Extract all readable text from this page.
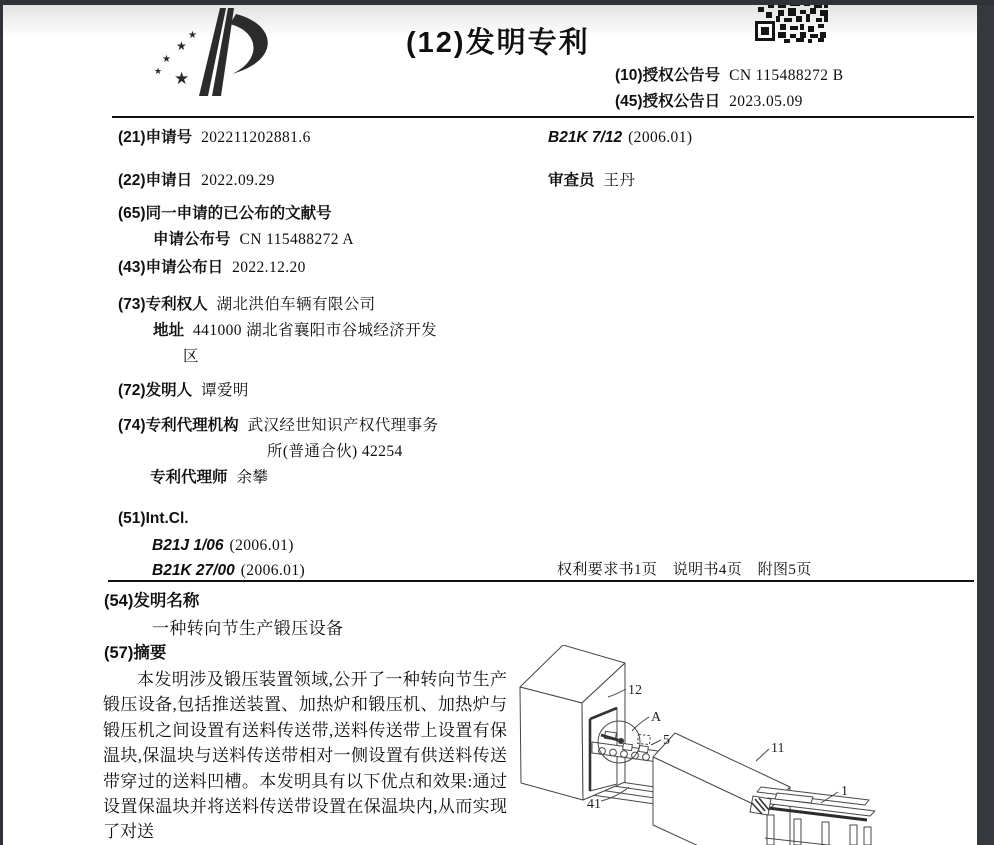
★
★
★
★ ★
(12)发明专利
(10)授权公告号 CN 115488272 B
(45)授权公告日 2023.05.09
(21)申请号 202211202881.6
(22)申请日 2022.09.29
(65)同一申请的已公布的文献号
申请公布号 CN 115488272 A
(43)申请公布日 2022.12.20
(73)专利权人 湖北洪伯车辆有限公司
地址 441000 湖北省襄阳市谷城经济开发
区
(72)发明人 谭爱明
(74)专利代理机构 武汉经世知识产权代理事务
所(普通合伙) 42254
专利代理师 余攀
(51)Int.Cl.
B21J 1/06 (2006.01)
B21K 27/00 (2006.01)
B21K 7/12 (2006.01)
审查员 王丹
权利要求书1页　说明书4页　附图5页
(54)发明名称
一种转向节生产锻压设备
(57)摘要
本发明涉及锻压装置领域,公开了一种转向节生产锻压设备,包括推送装置、加热炉和锻压机、加热炉与锻压机之间设置有送料传送带,送料传送带上设置有保温块,保温块与送料传送带相对一侧设置有供送料传送带穿过的送料凹槽。本发明具有以下优点和效果:通过设置保温块并将送料传送带设置在保温块内,从而实现了对送
12
A
5
11
41
1
